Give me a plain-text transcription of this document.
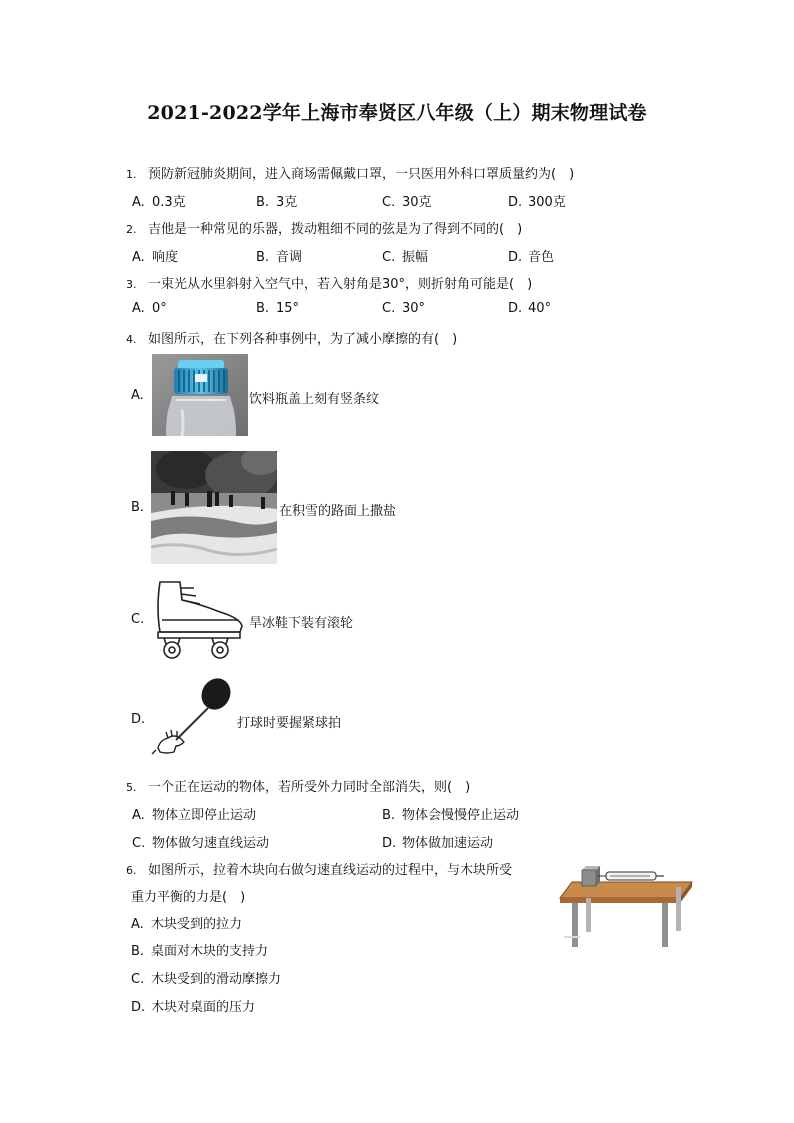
2021-2022学年上海市奉贤区八年级（上）期末物理试卷
1. 预防新冠肺炎期间，进入商场需佩戴口罩，一只医用外科口罩质量约为(　)
A. 0.3克	B. 3克	C. 30克	D. 300克
2. 吉他是一种常见的乐器，拨动粗细不同的弦是为了得到不同的(　)
A. 响度	B. 音调	C. 振幅	D. 音色
3. 一束光从水里斜射入空气中，若入射角是30°，则折射角可能是(　)
A. 0°	B. 15°	C. 30°	D. 40°
4. 如图所示，在下列各种事例中，为了减小摩擦的有(　)
A.	饮料瓶盖上刻有竖条纹
B.	在积雪的路面上撒盐
C.	旱冰鞋下装有滚轮
D.	打球时要握紧球拍
5. 一个正在运动的物体，若所受外力同时全部消失，则(　)
A. 物体立即停止运动	B. 物体会慢慢停止运动
C. 物体做匀速直线运动	D. 物体做加速运动
6. 如图所示，拉着木块向右做匀速直线运动的过程中，与木块所受
重力平衡的力是(　)
A. 木块受到的拉力
B. 桌面对木块的支持力
C. 木块受到的滑动摩擦力
D. 木块对桌面的压力
